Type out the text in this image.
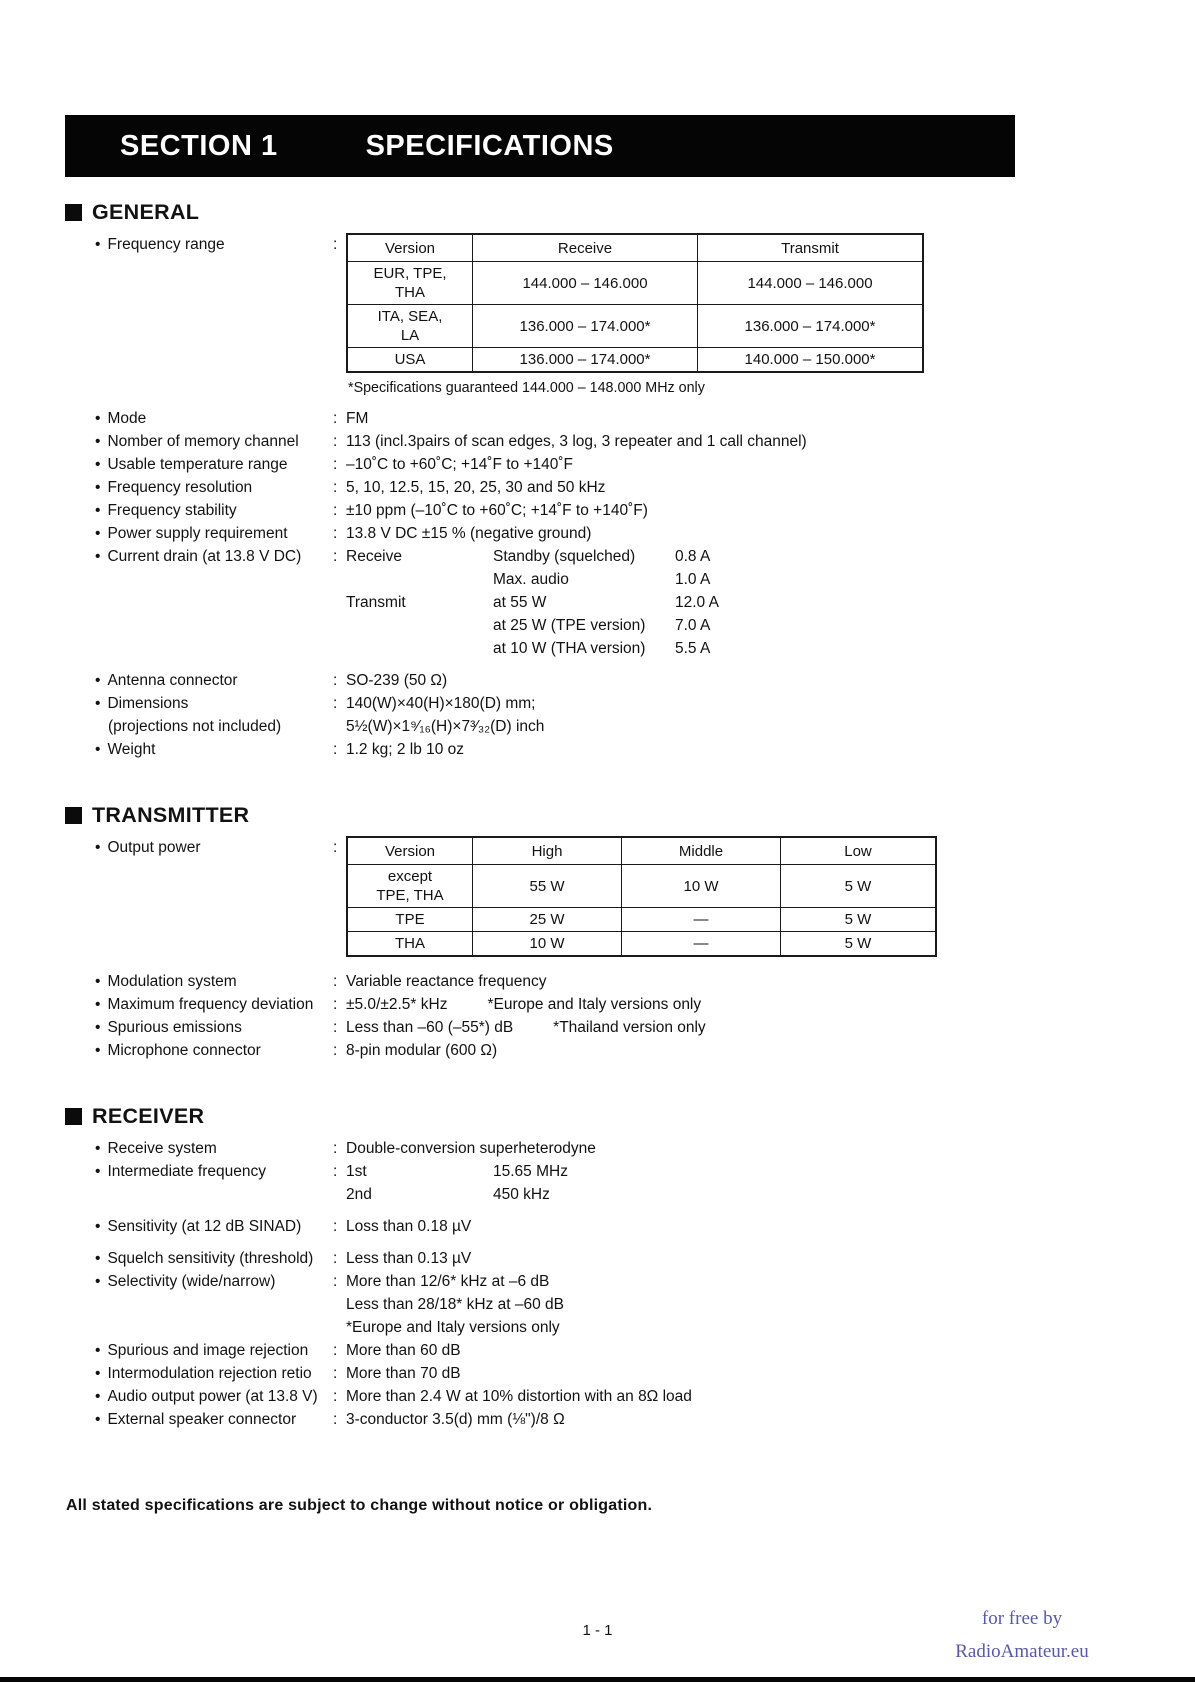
SECTION 1	SPECIFICATIONS
GENERAL
• Frequency range	:	Version	Receive	Transmit
EUR, TPE,
THA	144.000 – 146.000	144.000 – 146.000
ITA, SEA,
LA	136.000 – 174.000*	136.000 – 174.000*
USA	136.000 – 174.000*	140.000 – 150.000*
*Specifications guaranteed 144.000 – 148.000 MHz only
• Mode	: FM
• Nomber of memory channel : 113 (incl.3pairs of scan edges, 3 log, 3 repeater and 1 call channel)
• Usable temperature range	: –10˚C to +60˚C; +14˚F to +140˚F
• Frequency resolution	: 5, 10, 12.5, 15, 20, 25, 30 and 50 kHz
• Frequency stability	: ±10 ppm (–10˚C to +60˚C; +14˚F to +140˚F)
• Power supply requirement	: 13.8 V DC ±15 % (negative ground)
• Current drain (at 13.8 V DC) : Receive	Standby (squelched)	0.8 A
Max. audio	1.0 A
Transmit	at 55 W	12.0 A
at 25 W (TPE version)	7.0 A
at 10 W (THA version)	5.5 A
• Antenna connector	: SO-239 (50 Ω)
• Dimensions
(projections not included)
: 140(W)×40(H)×180(D) mm;
5½(W)×1⁹⁄₁₆(H)×7³⁄₃₂(D) inch
• Weight	: 1.2 kg; 2 lb 10 oz
TRANSMITTER
• Output power	:	Version	High	Middle	Low
except
TPE, THA	55 W	10 W	5 W
TPE	25 W	—	5 W
THA	10 W	—	5 W
• Modulation system	: Variable reactance frequency
• Maximum frequency deviation : ±5.0/±2.5* kHz	*Europe and Italy versions only
• Spurious emissions	: Less than –60 (–55*) dB	*Thailand version only
• Microphone connector	: 8-pin modular (600 Ω)
RECEIVER
• Receive system	: Double-conversion superheterodyne
• Intermediate frequency	: 1st	15.65 MHz
2nd	450 kHz
• Sensitivity (at 12 dB SINAD) : Loss than 0.18 µV
• Squelch sensitivity (threshold) : Less than 0.13 µV
• Selectivity (wide/narrow)	: More than 12/6* kHz at –6 dB
Less than 28/18* kHz at –60 dB
*Europe and Italy versions only
• Spurious and image rejection : More than 60 dB
• Intermodulation rejection retio : More than 70 dB
• Audio output power (at 13.8 V) : More than 2.4 W at 10% distortion with an 8Ω load
• External speaker connector : 3-conductor 3.5(d) mm (⅛")/8 Ω
All stated specifications are subject to change without notice or obligation.
1 - 1
for free by
RadioAmateur.eu
